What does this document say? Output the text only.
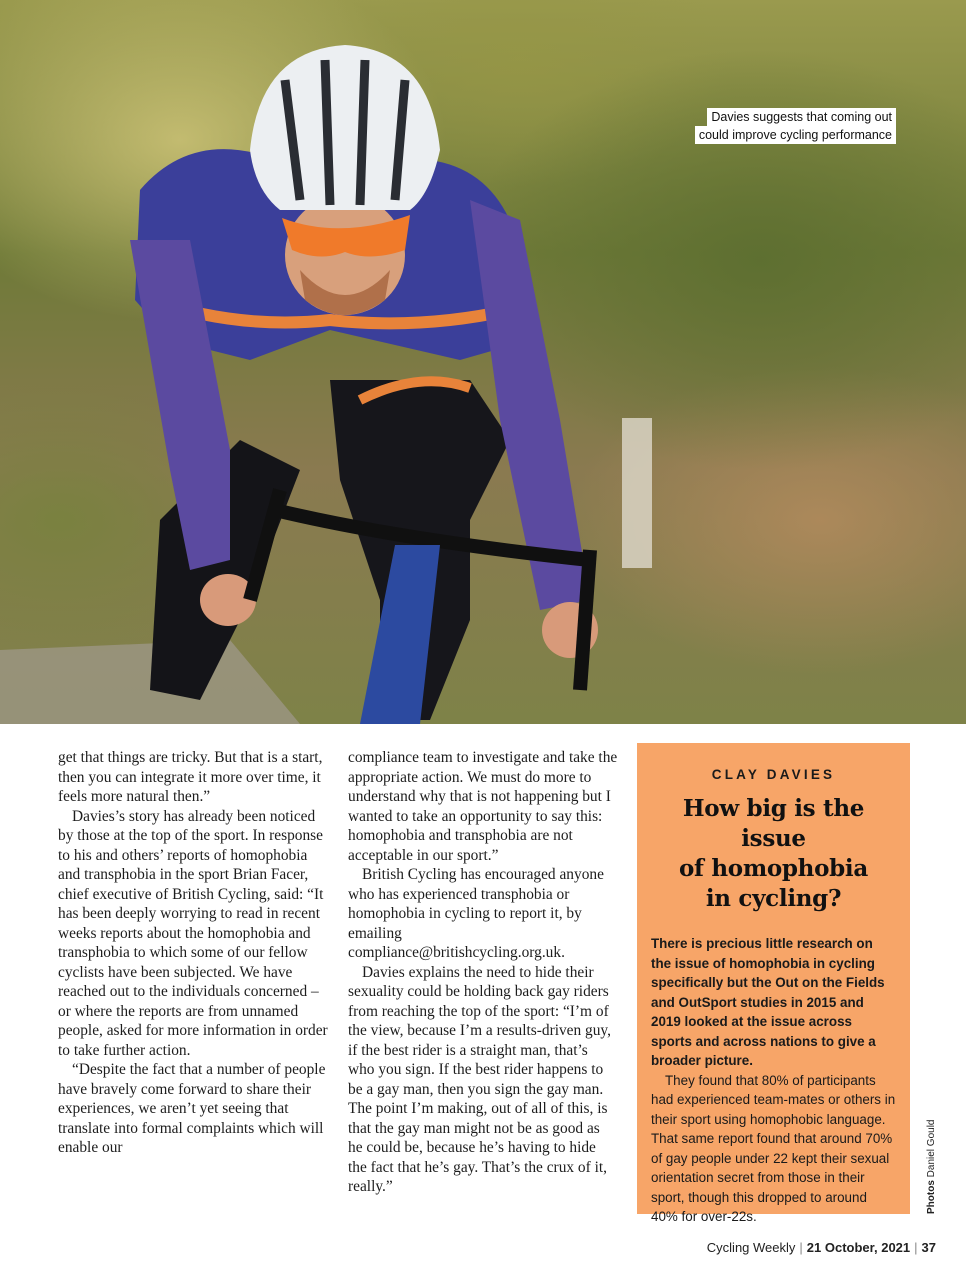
Davies suggests that coming out
could improve cycling performance

get that things are tricky. But that is a start, then you can integrate it more over time, it feels more natural then.”

Davies’s story has already been noticed by those at the top of the sport. In response to his and others’ reports of homophobia and transphobia in the sport Brian Facer, chief executive of British Cycling, said: “It has been deeply worrying to read in recent weeks reports about the homophobia and transphobia to which some of our fellow cyclists have been subjected. We have reached out to the individuals concerned – or where the reports are from unnamed people, asked for more information in order to take further action.

“Despite the fact that a number of people have bravely come forward to share their experiences, we aren’t yet seeing that translate into formal complaints which will enable our

compliance team to investigate and take the appropriate action. We must do more to understand why that is not happening but I wanted to take an opportunity to say this: homophobia and transphobia are not acceptable in our sport.”

British Cycling has encouraged anyone who has experienced transphobia or homophobia in cycling to report it, by emailing compliance@britishcycling.org.uk.

Davies explains the need to hide their sexuality could be holding back gay riders from reaching the top of the sport: “I’m of the view, because I’m a results-driven guy, if the best rider is a straight man, that’s who you sign. If the best rider happens to be a gay man, then you sign the gay man. The point I’m making, out of all of this, is that the gay man might not be as good as he could be, because he’s having to hide the fact that he’s gay. That’s the crux of it, really.”

CLAY DAVIES
How big is the issue
of homophobia
in cycling?

There is precious little research on the issue of homophobia in cycling specifically but the Out on the Fields and OutSport studies in 2015 and 2019 looked at the issue across sports and across nations to give a broader picture.

They found that 80% of participants had experienced team-mates or others in their sport using homophobic language. That same report found that around 70% of gay people under 22 kept their sexual orientation secret from those in their sport, though this dropped to around 40% for over-22s.

Photos Daniel Gould
Cycling Weekly | 21 October, 2021 | 37
